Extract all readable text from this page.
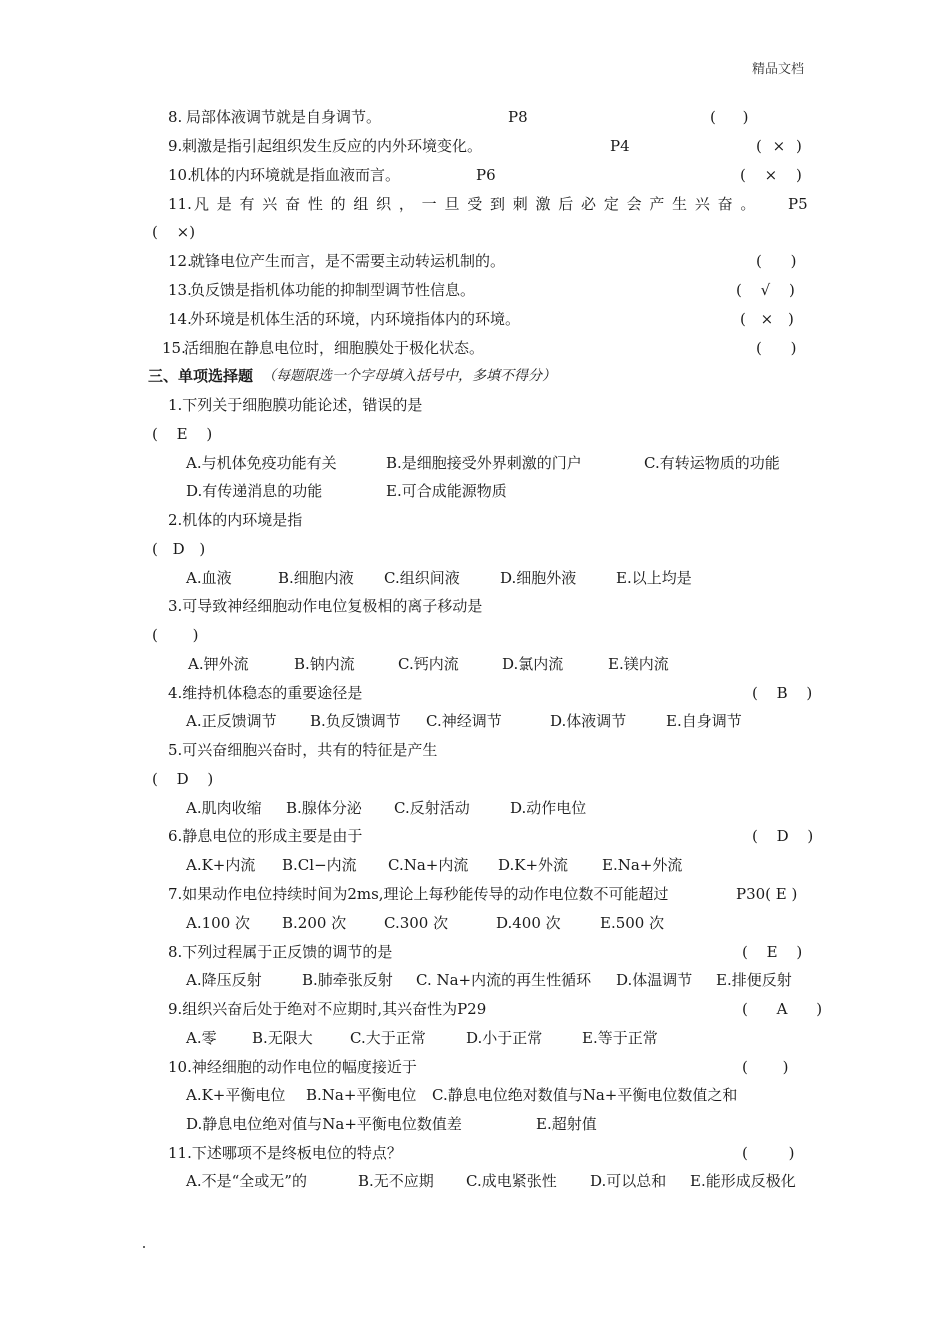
精品文档
8. 局部体液调节就是自身调节。	P8	( )
9. 刺激是指引起组织发生反应的内外环境变化。	P4	( × )
10.
机体的内环境就是指血液而言。	P6	( × )
11. 凡 是 有 兴 奋 性 的 组 织 ， 一 旦 受 到 刺 激 后 必 定 会 产 生 兴 奋 。 P5
( ×)
12.
就锋电位产生而言，是不需要主动转运机制的。	( )
13.
负反馈是指机体功能的抑制型调节性信息。	( √ )
14.
外环境是机体生活的环境，内环境指体内的环境。	( × )
15.
活细胞在静息电位时，细胞膜处于极化状态。	( )
三、单项选择题 （每题限选一个字母填入括号中，多填不得分）
1.下列关于细胞膜功能论述，错误的是
( E )
A.与机体免疫功能有关	B.是细胞接受外界刺激的门户	C.有转运物质的功能
D.有传递消息的功能	E.可合成能源物质
2.机体的内环境是指
( D )
A.血液	B.细胞内液 C.组织间液	D.细胞外液	E.以上均是
3.可导致神经细胞动作电位复极相的离子移动是
( )
A.钾外流	B.钠内流	C.钙内流	D.氯内流	E.镁内流
4.维持机体稳态的重要途径是	( B )
A.正反馈调节 B.负反馈调节 C.神经调节	D.体液调节	E.自身调节
5.可兴奋细胞兴奋时，共有的特征是产生
( D )
A.肌肉收缩 B.腺体分泌 C.反射活动	D.动作电位
6.静息电位的形成主要是由于	( D )
A.K+内流 B.Cl−内流 C.Na+内流 D.K+外流 E.Na+外流
7.如果动作电位持续时间为2ms,理论上每秒能传导的动作电位数不可能超过	P30( E )
A.100 次 B.200 次	C.300 次	D.400 次	E.500 次
8.下列过程属于正反馈的调节的是	( E )
A.降压反射	B.肺牵张反射 C. Na+内流的再生性循环 D.体温调节 E.排便反射
9.组织兴奋后处于绝对不应期时,其兴奋性为P29	( A )
A.零 B.无限大 C.大于正常	D.小于正常	E.等于正常
10.神经细胞的动作电位的幅度接近于	( )
A.K+平衡电位 B.Na+平衡电位 C.静息电位绝对数值与Na+平衡电位数值之和
D.静息电位绝对值与Na+平衡电位数值差	E.超射值
11.下述哪项不是终板电位的特点？	( )
A.不是“全或无”的	B.无不应期 C.成电紧张性 D.可以总和 E.能形成反极化
